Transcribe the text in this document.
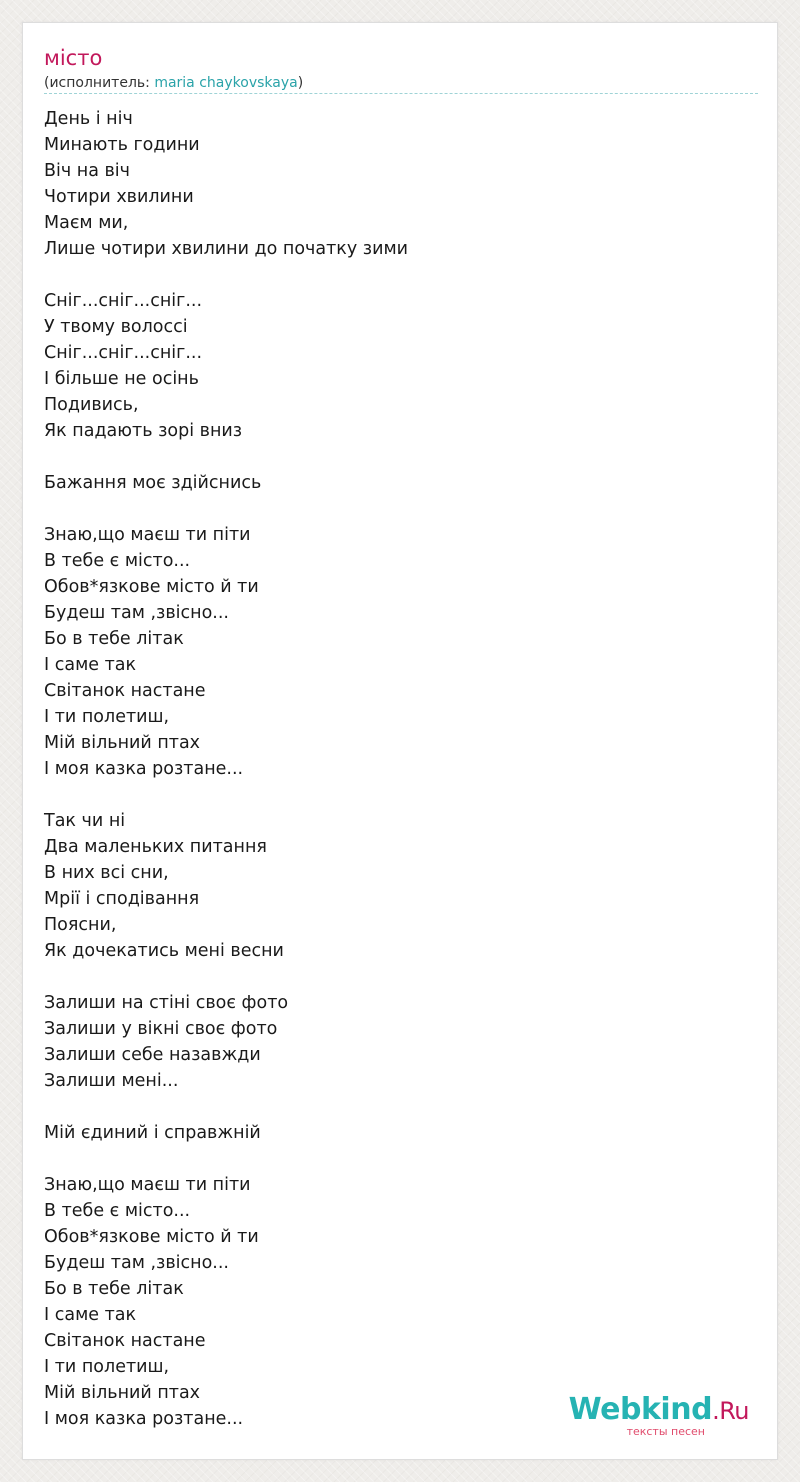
місто
(исполнитель: maria chaykovskaya)
День і ніч
Минають години
Віч на віч
Чотири хвилини
Маєм ми,
Лише чотири хвилини до початку зими
Сніг...сніг...сніг...
У твому волоссі
Сніг...сніг...сніг...
І більше не осінь
Подивись,
Як падають зорі вниз
Бажання моє здійснись
Знаю,що маєш ти піти
В тебе є місто...
Обов*язкове місто й ти
Будеш там ,звісно...
Бо в тебе літак
І саме так
Світанок настане
І ти полетиш,
Мій вільний птах
І моя казка розтане...
Так чи ні
Два маленьких питання
В них всі сни,
Мрії і сподівання
Поясни,
Як дочекатись мені весни
Залиши на стіні своє фото
Залиши у вікні своє фото
Залиши себе назавжди
Залиши мені...
Мій єдиний і справжній
Знаю,що маєш ти піти
В тебе є місто...
Обов*язкове місто й ти
Будеш там ,звісно...
Бо в тебе літак
І саме так
Світанок настане
І ти полетиш,
Мій вільний птах
І моя казка розтане...	Webkind.Ru
тексты песен
